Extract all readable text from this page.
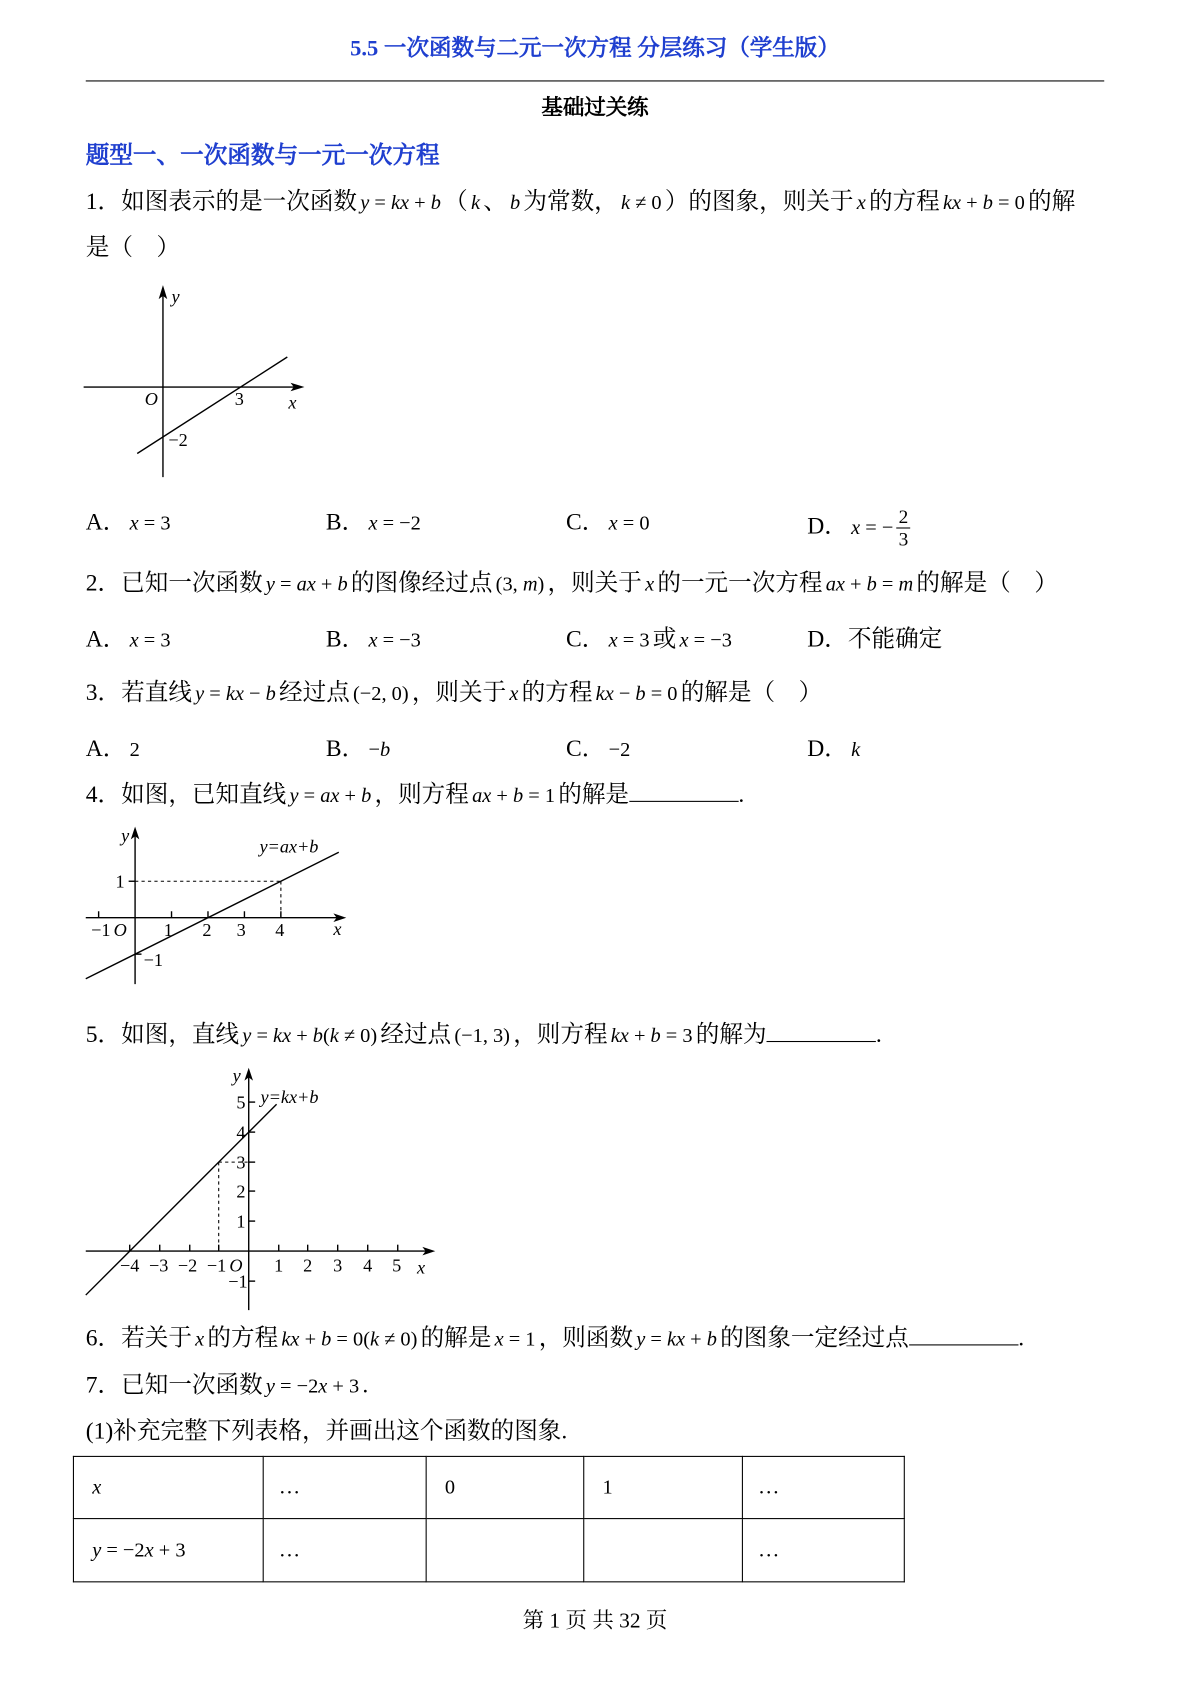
5.5 一次函数与二元一次方程 分层练习（学生版）
基础过关练
题型一、一次函数与一元一次方程
1．如图表示的是一次函数 y = kx + b （ k 、 b 为常数， k ≠ 0 ）的图象，则关于 x 的方程 kx + b = 0 的解
是（　）
y
x
O	3
−2
A． x = 3	B． x = −2	C． x = 0	D． x = − $\frac{2}{3}$
2．已知一次函数 y = ax + b 的图像经过点 (3, m) ，则关于 x 的一元一次方程 ax + b = m 的解是（　）
A． x = 3	B． x = −3	C． x = 3 或 x = −3	D．不能确定
3．若直线 y = kx − b 经过点 (−2, 0) ，则关于 x 的方程 kx − b = 0 的解是（　）
A． 2	B． −b	C． −2	D． k
4．如图，已知直线 y = ax + b ，则方程 ax + b = 1 的解是	.
y
x
O
y=ax+b
−1	1 2 3 4
1
−1
5．如图，直线 y = kx + b(k ≠ 0) 经过点 (−1, 3) ，则方程 kx + b = 3 的解为	.
y
x
O
y=kx+b
−4 −3 −2 −1	1 2 3 4 5
5
4
3
2
1
−1
6．若关于 x 的方程 kx + b = 0(k ≠ 0) 的解是 x = 1 ，则函数 y = kx + b 的图象一定经过点	.
7．已知一次函数 y = −2x + 3 .
(1)补充完整下列表格，并画出这个函数的图象.
x	…	0	1	…
y = −2x + 3	…			…
第 1 页 共 32 页
